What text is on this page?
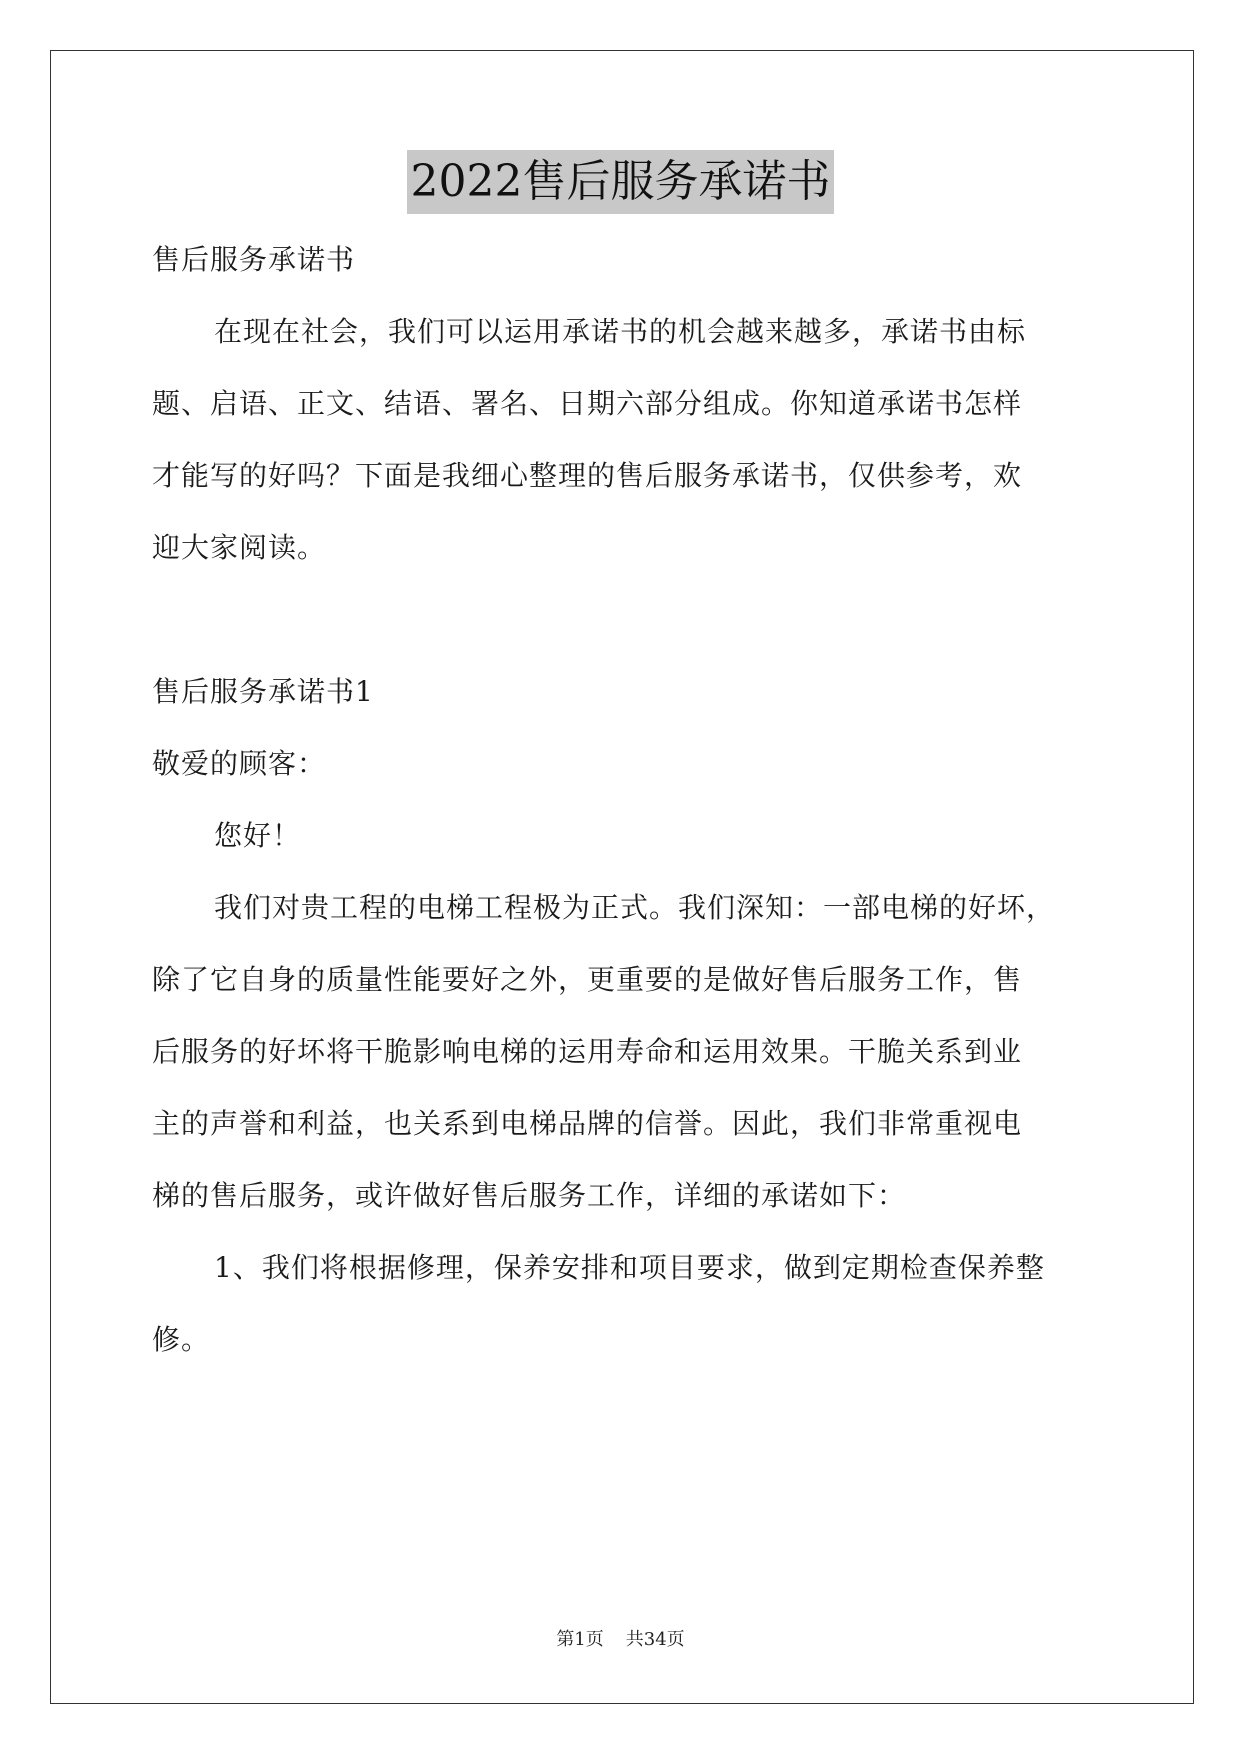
2022售后服务承诺书
售后服务承诺书
在现在社会，我们可以运用承诺书的机会越来越多，承诺书由标
题、启语、正文、结语、署名、日期六部分组成。你知道承诺书怎样
才能写的好吗？下面是我细心整理的售后服务承诺书，仅供参考，欢
迎大家阅读。
售后服务承诺书1
敬爱的顾客：
您好！
我们对贵工程的电梯工程极为正式。我们深知：一部电梯的好坏，
除了它自身的质量性能要好之外，更重要的是做好售后服务工作，售
后服务的好坏将干脆影响电梯的运用寿命和运用效果。干脆关系到业
主的声誉和利益，也关系到电梯品牌的信誉。因此，我们非常重视电
梯的售后服务，或许做好售后服务工作，详细的承诺如下：
1、我们将根据修理，保养安排和项目要求，做到定期检查保养整
修。
第1页 共34页
